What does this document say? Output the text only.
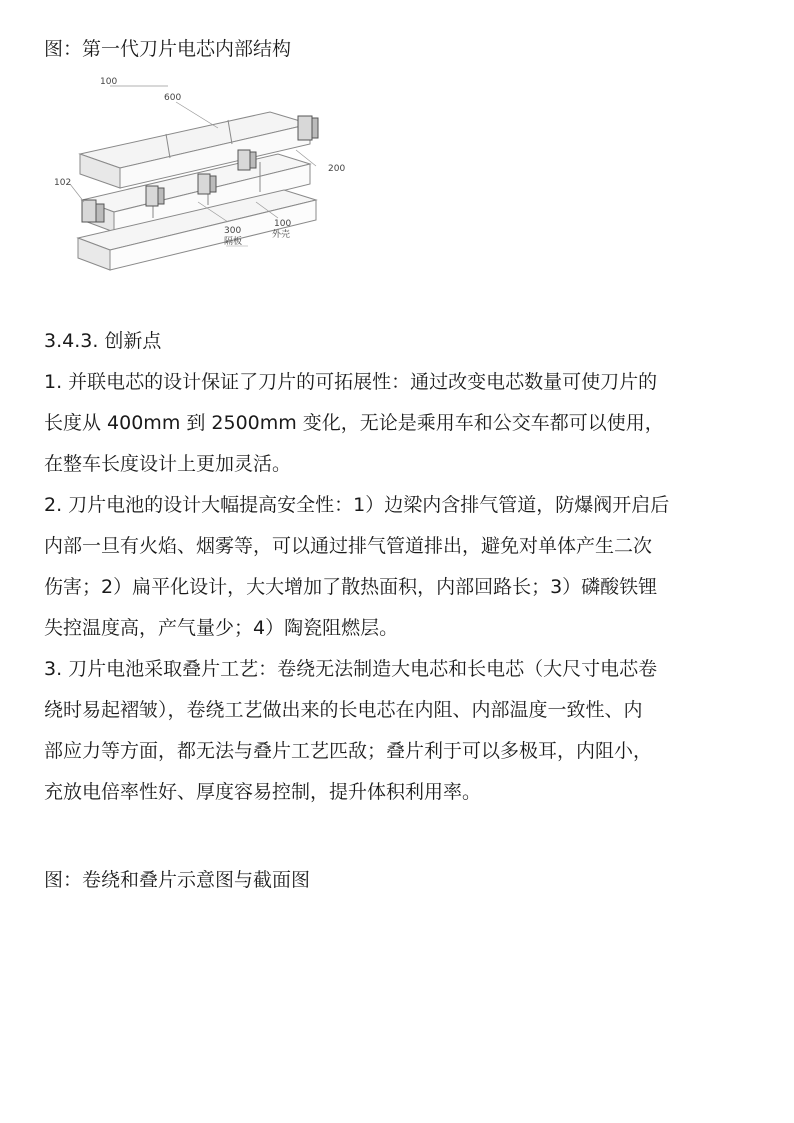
图：第一代刀片电芯内部结构

100
600
200
102
300
隔板
100
外壳

3.4.3. 创新点

1. 并联电芯的设计保证了刀片的可拓展性：通过改变电芯数量可使刀片的

长度从 400mm 到 2500mm 变化，无论是乘用车和公交车都可以使用，

在整车长度设计上更加灵活。

2. 刀片电池的设计大幅提高安全性：1）边梁内含排气管道，防爆阀开启后

内部一旦有火焰、烟雾等，可以通过排气管道排出，避免对单体产生二次

伤害；2）扁平化设计，大大增加了散热面积，内部回路长；3）磷酸铁锂

失控温度高，产气量少；4）陶瓷阻燃层。

3. 刀片电池采取叠片工艺：卷绕无法制造大电芯和长电芯（大尺寸电芯卷

绕时易起褶皱），卷绕工艺做出来的长电芯在内阻、内部温度一致性、内

部应力等方面，都无法与叠片工艺匹敌；叠片利于可以多极耳，内阻小，

充放电倍率性好、厚度容易控制，提升体积利用率。

图：卷绕和叠片示意图与截面图
